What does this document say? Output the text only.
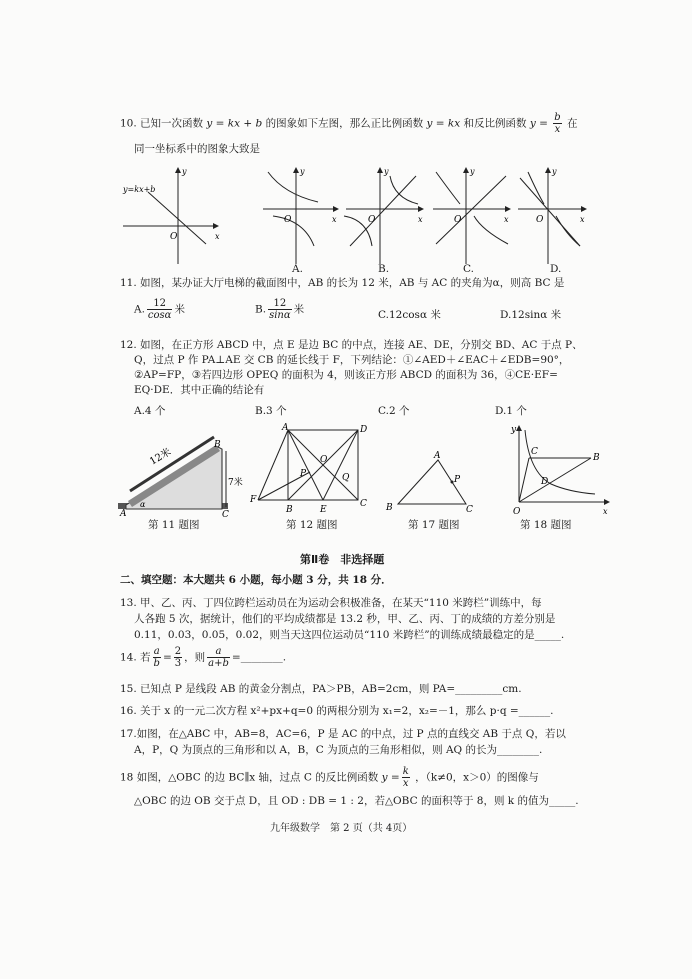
10. 已知一次函数 y = kx + b 的图象如下左图，那么正比例函数 y = kx 和反比例函数 $y = \frac{b}{x}$ 在
同一坐标系中的图象大致是
y=kx+b
O	x
y
O	x
y
O	x
y
O	x
y
O	x
y
A.	B.	C.	D.
11. 如图，某办证大厅电梯的截面图中，AB 的长为 12 米，AB 与 AC 的夹角为α，则高 BC 是
A. $\frac{12}{\cos\alpha}$ 米	B. $\frac{12}{\sin\alpha}$ 米	C.12cosα 米	D.12sinα 米
12. 如图，在正方形 ABCD 中，点 E 是边 BC 的中点，连接 AE、DE，分别交 BD、AC 于点 P、
Q，过点 P 作 PA⊥AE 交 CB 的延长线于 F，下列结论：①∠AED＋∠EAC＋∠EDB=90°，
②AP=FP，③若四边形 OPEQ 的面积为 4，则该正方形 ABCD 的面积为 36，④CE·EF=
EQ·DE．其中正确的结论有
A.4 个	B.3 个	C.2 个	D.1 个
12米
7米
A
B
C
α
A	D
O
P	Q
F
B	E
C
A
P
B	C
y
C
B
D
O	x
第 11 题图	第 12 题图	第 17 题图	第 18 题图
第Ⅱ卷　非选择题
二、填空题：本大题共 6 小题，每小题 3 分，共 18 分．
13. 甲、乙、丙、丁四位跨栏运动员在为运动会积极准备，在某天“110 米跨栏”训练中，每
人各跑 5 次，据统计，他们的平均成绩都是 13.2 秒，甲、乙、丙、丁的成绩的方差分别是
0.11，0.03，0.05，0.02，则当天这四位运动员“110 米跨栏”的训练成绩最稳定的是_____.
14. 若 $\frac{a}{b} = \frac{2}{3}$ ，则 $\frac{a}{a+b}$ =________.
15. 已知点 P 是线段 AB 的黄金分割点，PA＞PB，AB=2cm，则 PA=_________cm.
16. 关于 x 的一元二次方程 x²+px+q=0 的两根分别为 x₁=2，x₂=－1，那么 p·q =______.
17.如图，在△ABC 中，AB=8，AC=6，P 是 AC 的中点，过 P 点的直线交 AB 于点 Q，若以
A，P，Q 为顶点的三角形和以 A，B，C 为顶点的三角形相似，则 AQ 的长为________.
18 如图，△OBC 的边 BC∥x 轴，过点 C 的反比例函数 $y = \frac{k}{x}$ ，（k≠0，x＞0）的图像与
△OBC 的边 OB 交于点 D，且 OD : DB = 1 : 2，若△OBC 的面积等于 8，则 k 的值为_____.
九年级数学　第 2 页（共 4页）
